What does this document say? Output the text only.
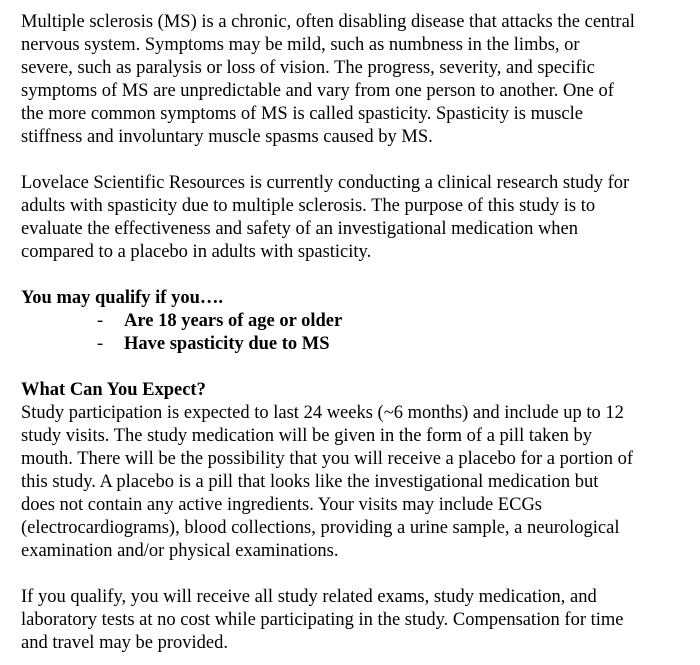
Multiple sclerosis (MS) is a chronic, often disabling disease that attacks the central
nervous system. Symptoms may be mild, such as numbness in the limbs, or
severe, such as paralysis or loss of vision. The progress, severity, and specific
symptoms of MS are unpredictable and vary from one person to another. One of
the more common symptoms of MS is called spasticity. Spasticity is muscle
stiffness and involuntary muscle spasms caused by MS.

Lovelace Scientific Resources is currently conducting a clinical research study for
adults with spasticity due to multiple sclerosis. The purpose of this study is to
evaluate the effectiveness and safety of an investigational medication when
compared to a placebo in adults with spasticity.

You may qualify if you….
- Are 18 years of age or older
- Have spasticity due to MS
What Can You Expect?
Study participation is expected to last 24 weeks (~6 months) and include up to 12
study visits. The study medication will be given in the form of a pill taken by
mouth. There will be the possibility that you will receive a placebo for a portion of
this study. A placebo is a pill that looks like the investigational medication but
does not contain any active ingredients. Your visits may include ECGs
(electrocardiograms), blood collections, providing a urine sample, a neurological
examination and/or physical examinations.

If you qualify, you will receive all study related exams, study medication, and
laboratory tests at no cost while participating in the study. Compensation for time
and travel may be provided.
